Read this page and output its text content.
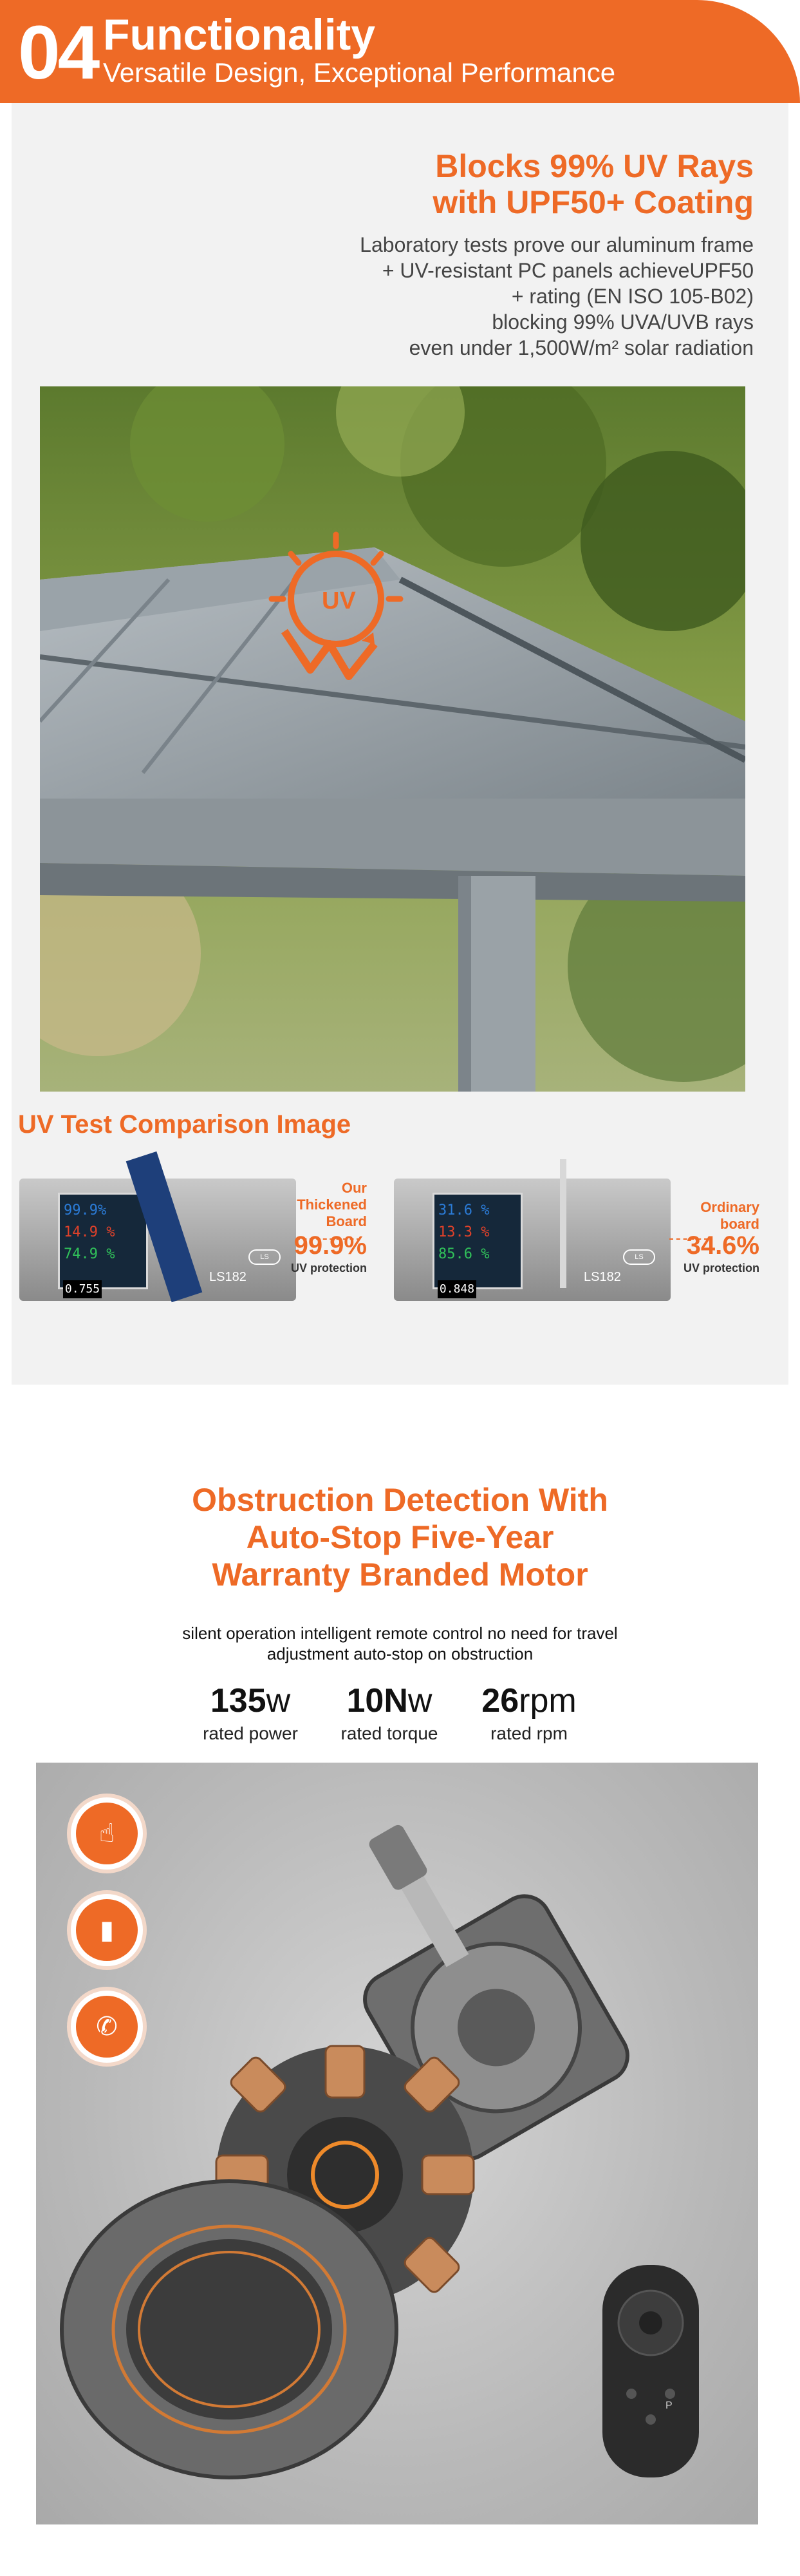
04 Functionality
Versatile Design, Exceptional Performance
Blocks 99% UV Rays
with UPF50+ Coating
Laboratory tests prove our aluminum frame
+ UV-resistant PC panels achieveUPF50
+ rating (EN ISO 105-B02)
blocking 99% UVA/UVB rays
even under 1,500W/m² solar radiation
UV
UV Test Comparison Image
99.9%
14.9 %
74.9 %
0.755
LS182
LS
Our
Thickened
Board
99.9%
UV protection
31.6 %
13.3 %
85.6 %
0.848
LS182
LS
Ordinary
board
34.6%
UV protection
Obstruction Detection With
Auto-Stop Five-Year
Warranty Branded Motor
silent operation intelligent remote control no need for travel
adjustment auto-stop on obstruction
135w
rated power
10Nw
rated torque
26rpm
rated rpm
☝
▮
✆
P
